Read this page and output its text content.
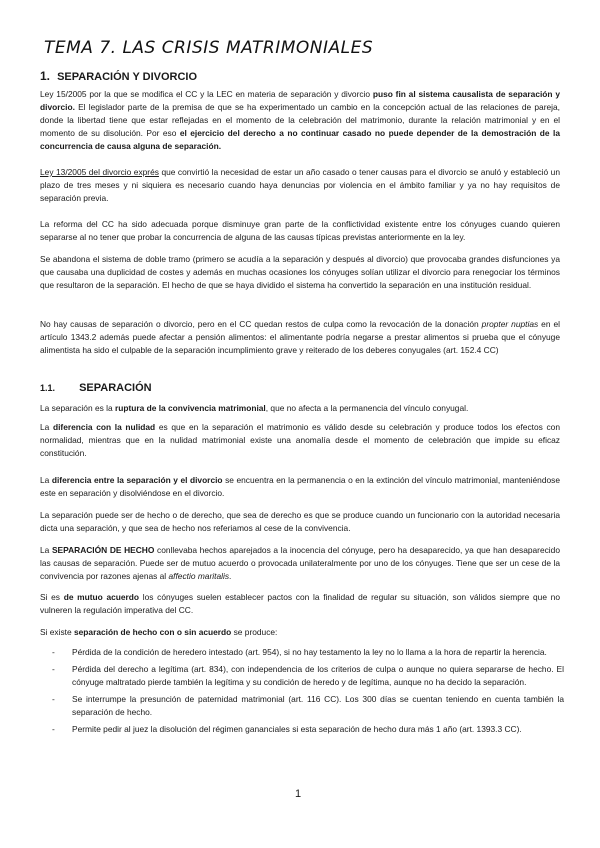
TEMA 7. LAS CRISIS MATRIMONIALES
1. SEPARACIÓN Y DIVORCIO

Ley 15/2005 por la que se modifica el CC y la LEC en materia de separación y divorcio puso fin al sistema causalista de separación y divorcio. El legislador parte de la premisa de que se ha experimentado un cambio en la concepción actual de las relaciones de pareja, donde la libertad tiene que estar reflejadas en el momento de la celebración del matrimonio, durante la relación matrimonial y en el momento de su disolución. Por eso el ejercicio del derecho a no continuar casado no puede depender de la demostración de la concurrencia de causa alguna de separación.

Ley 13/2005 del divorcio exprés que convirtió la necesidad de estar un año casado o tener causas para el divorcio se anuló y estableció un plazo de tres meses y ni siquiera es necesario cuando haya denuncias por violencia en el ámbito familiar y ya no hay requisitos de separación previa.

La reforma del CC ha sido adecuada porque disminuye gran parte de la conflictividad existente entre los cónyuges cuando quieren separarse al no tener que probar la concurrencia de alguna de las causas típicas previstas anteriormente en la ley.

Se abandona el sistema de doble tramo (primero se acudía a la separación y después al divorcio) que provocaba grandes disfunciones ya que causaba una duplicidad de costes y además en muchas ocasiones los cónyuges solían utilizar el divorcio para renegociar los términos que resultaron de la separación. El hecho de que se haya dividido el sistema ha convertido la separación en una institución residual.

No hay causas de separación o divorcio, pero en el CC quedan restos de culpa como la revocación de la donación propter nuptias en el artículo 1343.2 además puede afectar a pensión alimentos: el alimentante podría negarse a prestar alimentos si prueba que el cónyuge alimentista ha sido el culpable de la separación incumplimiento grave y reiterado de los deberes conyugales (art. 152.4 CC)

1.1. SEPARACIÓN

La separación es la ruptura de la convivencia matrimonial, que no afecta a la permanencia del vínculo conyugal.

La diferencia con la nulidad es que en la separación el matrimonio es válido desde su celebración y produce todos los efectos con normalidad, mientras que en la nulidad matrimonial existe una anomalía desde el momento de celebración que impide su eficaz constitución.

La diferencia entre la separación y el divorcio se encuentra en la permanencia o en la extinción del vínculo matrimonial, manteniéndose este en separación y disolviéndose en el divorcio.

La separación puede ser de hecho o de derecho, que sea de derecho es que se produce cuando un funcionario con la autoridad necesaria dicta una separación, y que sea de hecho nos referiamos al cese de la convivencia.

La SEPARACIÓN DE HECHO conllevaba hechos aparejados a la inocencia del cónyuge, pero ha desaparecido, ya que han desaparecido las causas de separación. Puede ser de mutuo acuerdo o provocada unilateralmente por uno de los cónyuges. Tiene que ser un cese de la convivencia por razones ajenas al affectio maritalis.

Si es de mutuo acuerdo los cónyuges suelen establecer pactos con la finalidad de regular su situación, son válidos siempre que no vulneren la regulación imperativa del CC.

Si existe separación de hecho con o sin acuerdo se produce:

- Pérdida de la condición de heredero intestado (art. 954), si no hay testamento la ley no lo llama a la hora de repartir la herencia.
- Pérdida del derecho a legítima (art. 834), con independencia de los criterios de culpa o aunque no quiera separarse de hecho. El cónyuge maltratado pierde también la legítima y su condición de heredo y de legítima, aunque no ha decido la separación.
- Se interrumpe la presunción de paternidad matrimonial (art. 116 CC). Los 300 días se cuentan teniendo en cuenta también la separación de hecho.
- Permite pedir al juez la disolución del régimen gananciales si esta separación de hecho dura más 1 año (art. 1393.3 CC).
1
